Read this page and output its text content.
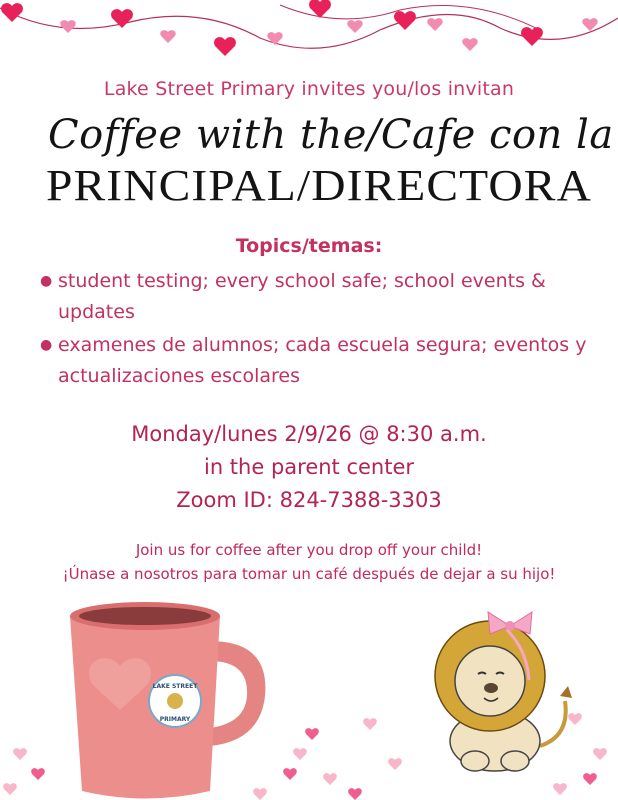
Lake Street Primary invites you/los invitan
Coffee with the/Cafe con la
PRINCIPAL/DIRECTORA
Topics/temas:
● student testing; every school safe; school events & updates
● examenes de alumnos; cada escuela segura; eventos y actualizaciones escolares
Monday/lunes 2/9/26 @ 8:30 a.m.
in the parent center
Zoom ID: 824-7388-3303
Join us for coffee after you drop off your child!
¡Únase a nosotros para tomar un café después de dejar a su hijo!
LAKE STREET
PRIMARY
